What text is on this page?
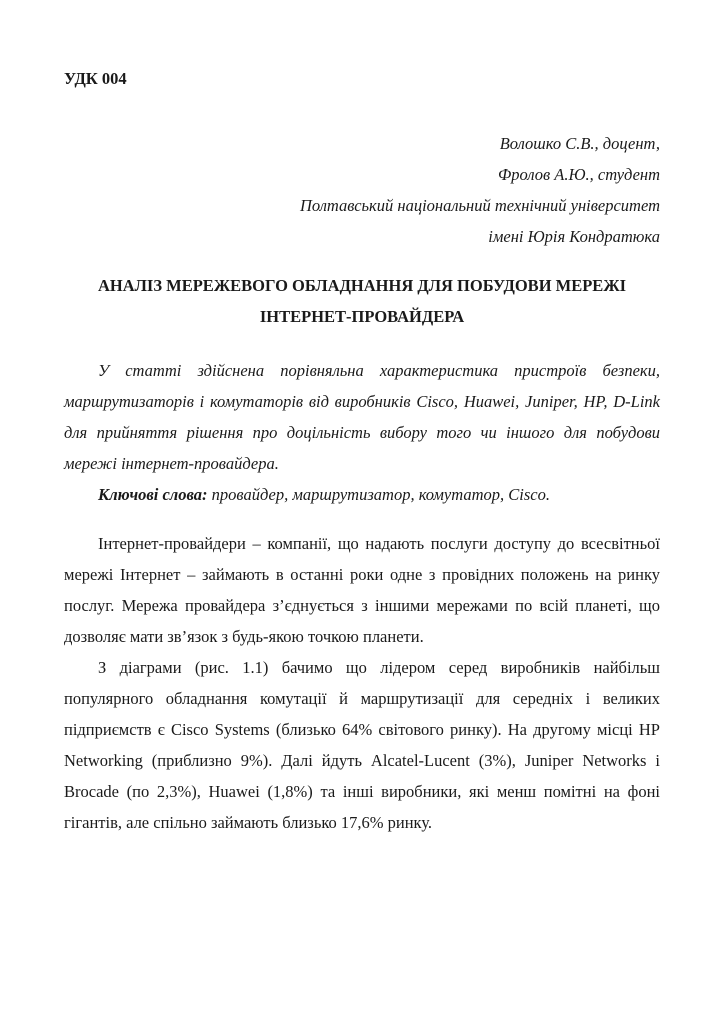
УДК 004

Волошко С.В., доцент,

Фролов А.Ю., студент

Полтавський національний технічний університет

імені Юрія Кондратюка

АНАЛІЗ МЕРЕЖЕВОГО ОБЛАДНАННЯ ДЛЯ ПОБУДОВИ МЕРЕЖІ ІНТЕРНЕТ-ПРОВАЙДЕРА

У статті здійснена порівняльна характеристика пристроїв безпеки, маршрутизаторів і комутаторів від виробників Cisco, Huawei, Juniper, HP, D-Link для прийняття рішення про доцільність вибору того чи іншого для побудови мережі інтернет-провайдера.

Ключові слова: провайдер, маршрутизатор, комутатор, Cisco.

Інтернет-провайдери – компанії, що надають послуги доступу до всесвітньої мережі Інтернет – займають в останні роки одне з провідних положень на ринку послуг. Мережа провайдера з’єднується з іншими мережами по всій планеті, що дозволяє мати зв’язок з будь-якою точкою планети.

З діаграми (рис. 1.1) бачимо що лідером серед виробників найбільш популярного обладнання комутації й маршрутизації для середніх і великих підприємств є Cisco Systems (близько 64% світового ринку). На другому місці HP Networking (приблизно 9%). Далі йдуть Alcatel-Lucent (3%), Juniper Networks і Brocade (по 2,3%), Huawei (1,8%) та інші виробники, які менш помітні на фоні гігантів, але спільно займають близько 17,6% ринку.
